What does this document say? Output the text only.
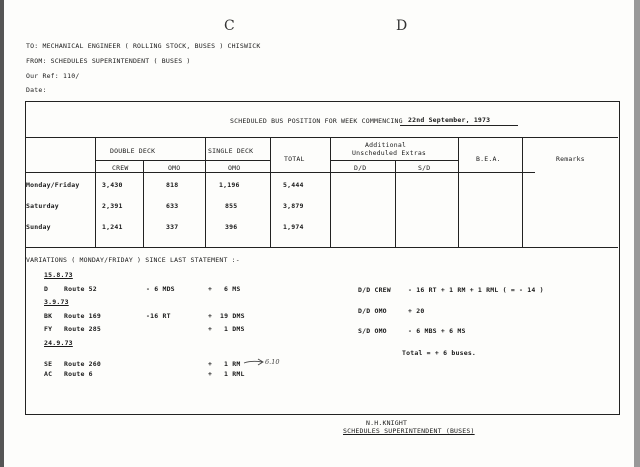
C	D
TO: MECHANICAL ENGINEER ( ROLLING STOCK, BUSES ) CHISWICK
FROM: SCHEDULES SUPERINTENDENT ( BUSES )
Our Ref: 110/
Date:
SCHEDULED BUS POSITION FOR WEEK COMMENCING 22nd September, 1973
DOUBLE DECK	SINGLE DECK
CREW	OMO	OMO
TOTAL
Additional
Unscheduled Extras
D/D	S/D
B.E.A.	Remarks
Monday/Friday	3,430	818	1,196	5,444
Saturday	2,391	633	855	3,879
Sunday	1,241	337	396	1,974
VARIATIONS ( MONDAY/FRIDAY ) SINCE LAST STATEMENT :-
15.8.73
D Route 52	- 6 MDS	+ 6 MS
3.9.73
BK Route 169	-16 RT	+ 19 DMS
FY Route 285	+ 1 DMS
24.9.73
SE Route 260	+ 1 RM
AC Route 6	+ 1 RML
6.10
D/D CREW	- 16 RT + 1 RM + 1 RML ( = - 14 )
D/D OMO	+ 20
S/D OMO	- 6 MBS + 6 MS
Total = + 6 buses.
N.H.KNIGHT
SCHEDULES SUPERINTENDENT (BUSES)
